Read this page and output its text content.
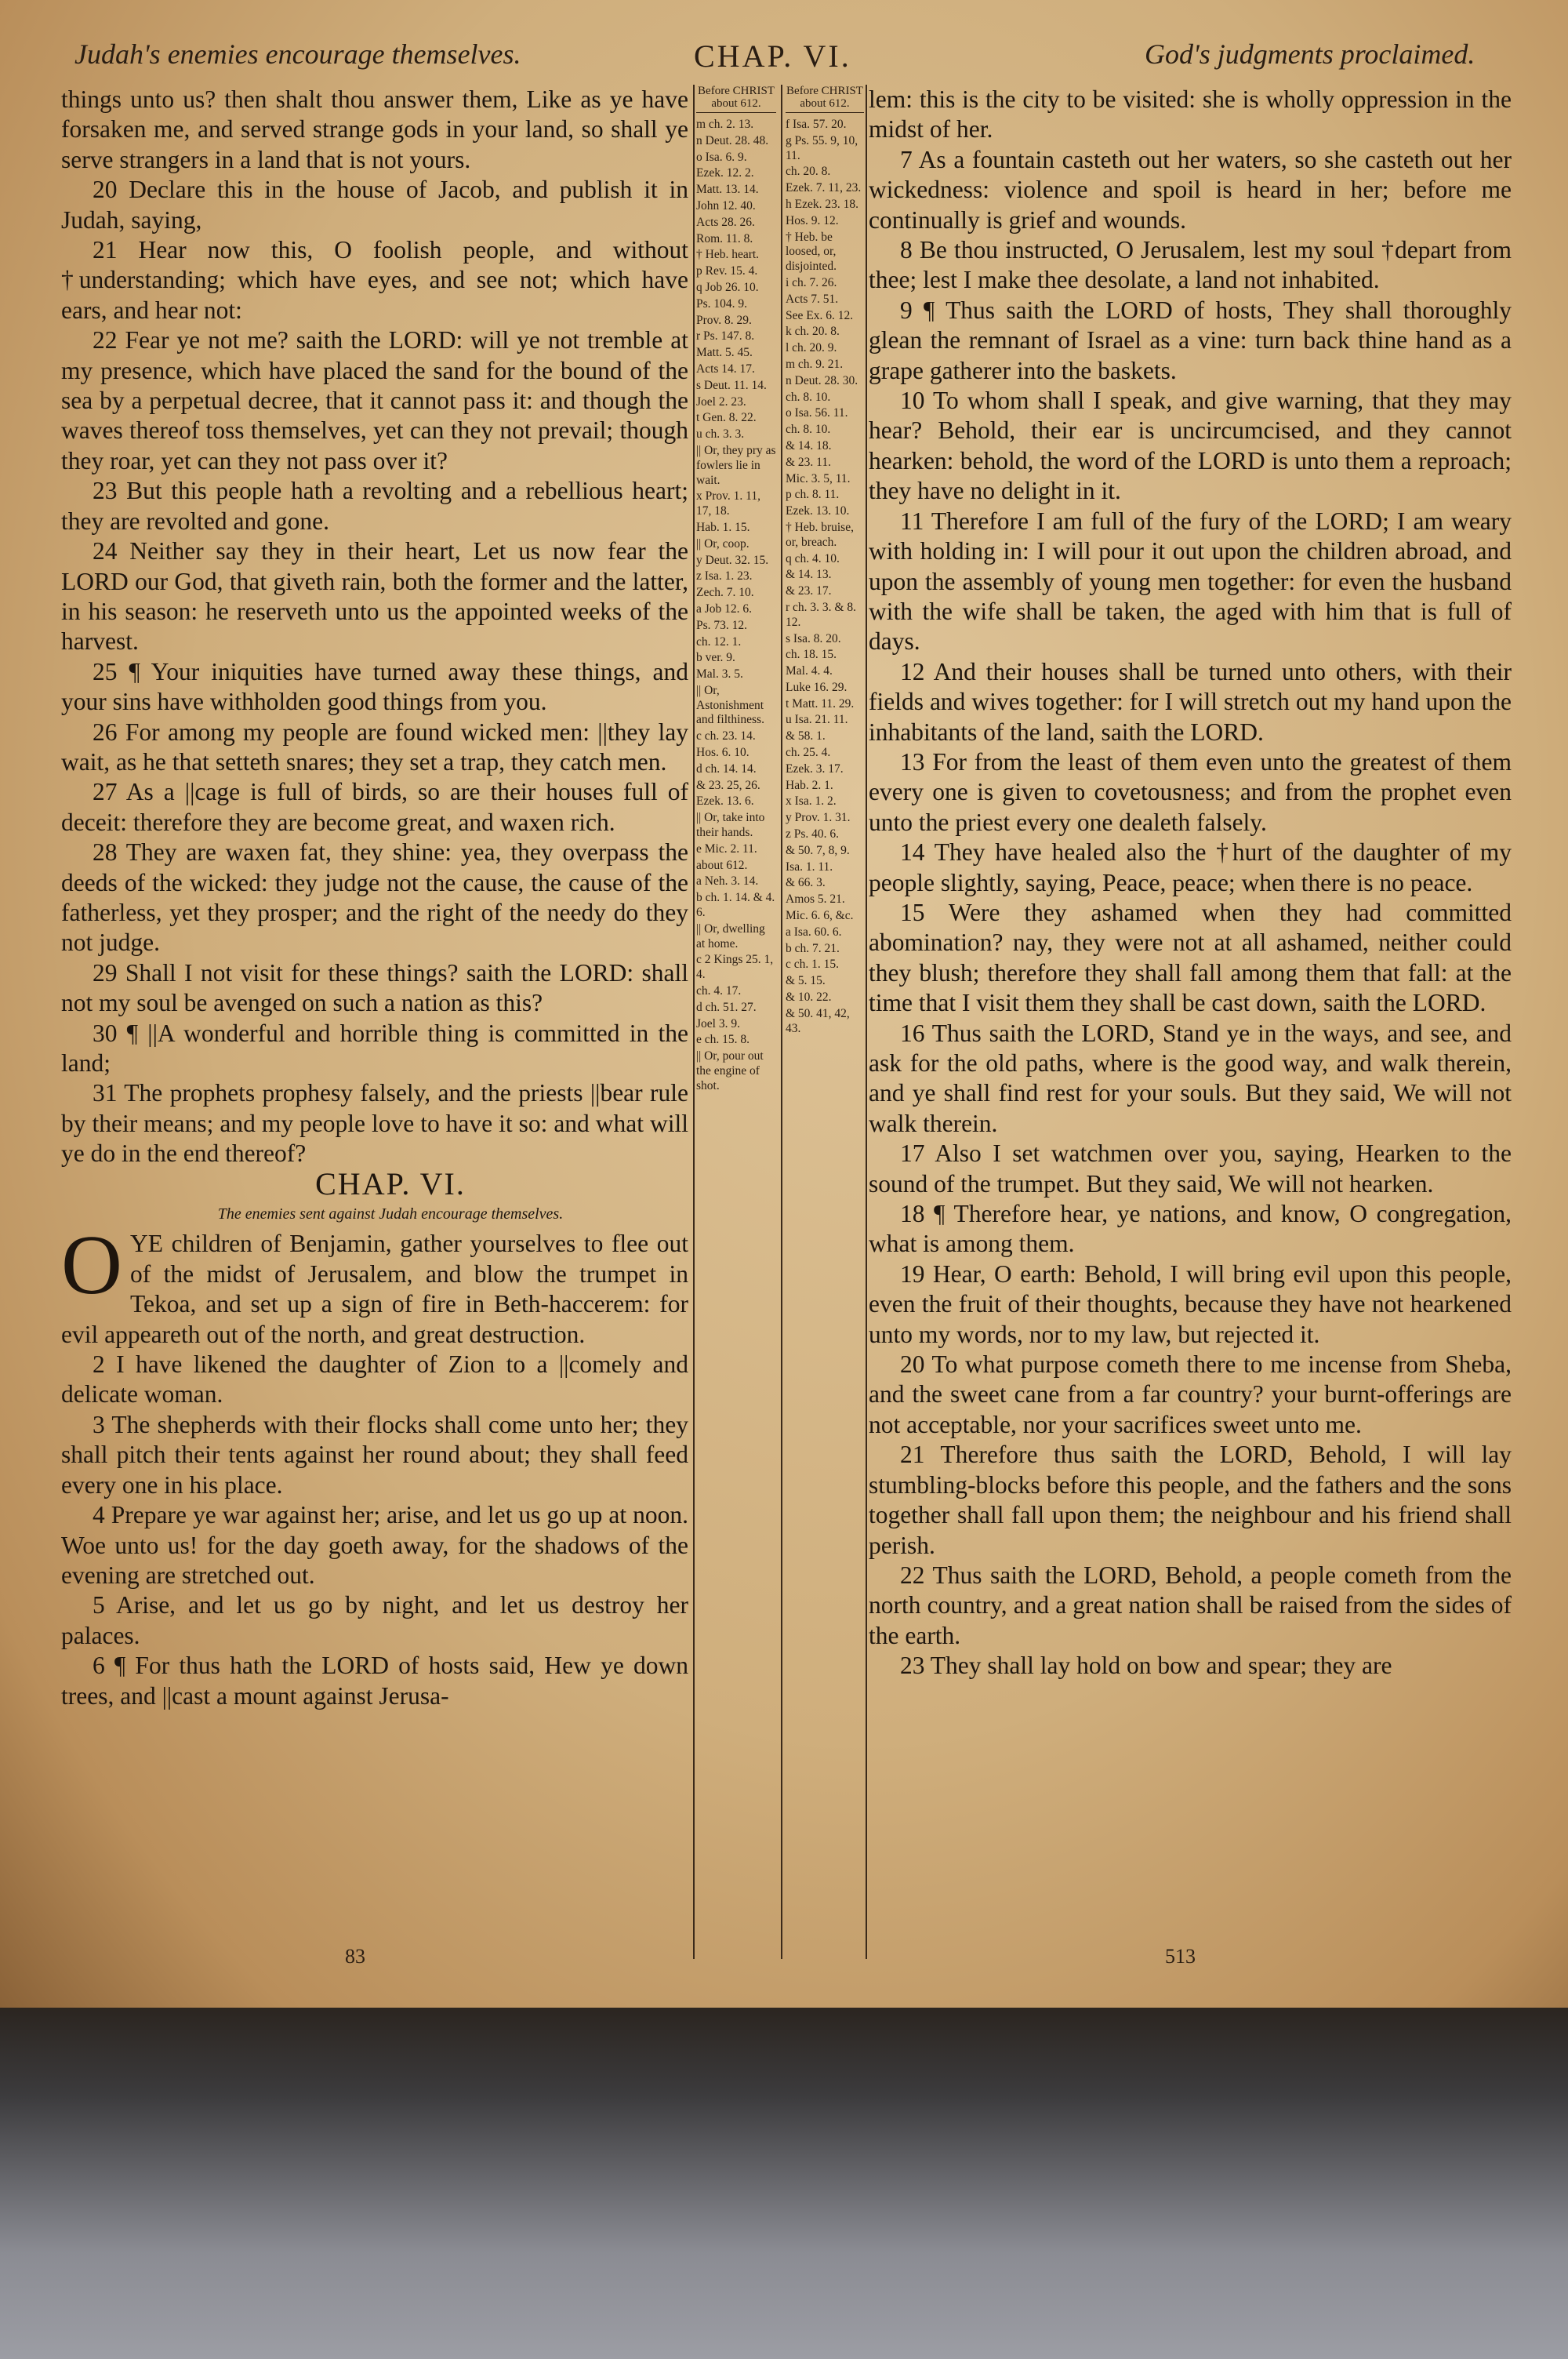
Judah's enemies encourage themselves.	CHAP. VI.	God's judgments proclaimed.

things unto us? then shalt thou answer them, Like as ye have forsaken me, and served strange gods in your land, so shall ye serve strangers in a land that is not yours.

20 Declare this in the house of Jacob, and publish it in Judah, saying,

21 Hear now this, O foolish people, and without †understanding; which have eyes, and see not; which have ears, and hear not:

22 Fear ye not me? saith the LORD: will ye not tremble at my presence, which have placed the sand for the bound of the sea by a perpetual decree, that it cannot pass it: and though the waves thereof toss themselves, yet can they not prevail; though they roar, yet can they not pass over it?

23 But this people hath a revolting and a rebellious heart; they are revolted and gone.

24 Neither say they in their heart, Let us now fear the LORD our God, that giveth rain, both the former and the latter, in his season: he reserveth unto us the appointed weeks of the harvest.

25 ¶ Your iniquities have turned away these things, and your sins have withholden good things from you.

26 For among my people are found wicked men: ||they lay wait, as he that setteth snares; they set a trap, they catch men.

27 As a ||cage is full of birds, so are their houses full of deceit: therefore they are become great, and waxen rich.

28 They are waxen fat, they shine: yea, they overpass the deeds of the wicked: they judge not the cause, the cause of the fatherless, yet they prosper; and the right of the needy do they not judge.

29 Shall I not visit for these things? saith the LORD: shall not my soul be avenged on such a nation as this?

30 ¶ ||A wonderful and horrible thing is committed in the land;

31 The prophets prophesy falsely, and the priests ||bear rule by their means; and my people love to have it so: and what will ye do in the end thereof?

CHAP. VI.

The enemies sent against Judah encourage themselves.

OYE children of Benjamin, gather yourselves to flee out of the midst of Jerusalem, and blow the trumpet in Tekoa, and set up a sign of fire in Beth-haccerem: for evil appeareth out of the north, and great destruction.

2 I have likened the daughter of Zion to a ||comely and delicate woman.

3 The shepherds with their flocks shall come unto her; they shall pitch their tents against her round about; they shall feed every one in his place.

4 Prepare ye war against her; arise, and let us go up at noon. Woe unto us! for the day goeth away, for the shadows of the evening are stretched out.

5 Arise, and let us go by night, and let us destroy her palaces.

6 ¶ For thus hath the LORD of hosts said, Hew ye down trees, and ||cast a mount against Jerusa-

Before CHRIST about 612.
m ch. 2. 13.
n Deut. 28. 48.
o Isa. 6. 9.
Ezek. 12. 2.
Matt. 13. 14.
John 12. 40.
Acts 28. 26.
Rom. 11. 8.
† Heb. heart.
p Rev. 15. 4.
q Job 26. 10.
Ps. 104. 9.
Prov. 8. 29.
r Ps. 147. 8.
Matt. 5. 45.
Acts 14. 17.
s Deut. 11. 14.
Joel 2. 23.
t Gen. 8. 22.
u ch. 3. 3.
|| Or, they pry as fowlers lie in wait.
x Prov. 1. 11, 17, 18.
Hab. 1. 15.
|| Or, coop.
y Deut. 32. 15.
z Isa. 1. 23.
Zech. 7. 10.
a Job 12. 6.
Ps. 73. 12.
ch. 12. 1.
b ver. 9.
Mal. 3. 5.
|| Or, Astonishment and filthiness.
c ch. 23. 14.
Hos. 6. 10.
d ch. 14. 14.
& 23. 25, 26.
Ezek. 13. 6.
|| Or, take into their hands.
e Mic. 2. 11.
about 612.
a Neh. 3. 14.
b ch. 1. 14. & 4. 6.
|| Or, dwelling at home.
c 2 Kings 25. 1, 4.
ch. 4. 17.
d ch. 51. 27.
Joel 3. 9.
e ch. 15. 8.
|| Or, pour out the engine of shot.
Before CHRIST about 612.
f Isa. 57. 20.
g Ps. 55. 9, 10, 11.
ch. 20. 8.
Ezek. 7. 11, 23.
h Ezek. 23. 18.
Hos. 9. 12.
† Heb. be loosed, or, disjointed.
i ch. 7. 26.
Acts 7. 51.
See Ex. 6. 12.
k ch. 20. 8.
l ch. 20. 9.
m ch. 9. 21.
n Deut. 28. 30.
ch. 8. 10.
o Isa. 56. 11.
ch. 8. 10.
& 14. 18.
& 23. 11.
Mic. 3. 5, 11.
p ch. 8. 11.
Ezek. 13. 10.
† Heb. bruise, or, breach.
q ch. 4. 10.
& 14. 13.
& 23. 17.
r ch. 3. 3. & 8. 12.
s Isa. 8. 20.
ch. 18. 15.
Mal. 4. 4.
Luke 16. 29.
t Matt. 11. 29.
u Isa. 21. 11.
& 58. 1.
ch. 25. 4.
Ezek. 3. 17.
Hab. 2. 1.
x Isa. 1. 2.
y Prov. 1. 31.
z Ps. 40. 6.
& 50. 7, 8, 9.
Isa. 1. 11.
& 66. 3.
Amos 5. 21.
Mic. 6. 6, &c.
a Isa. 60. 6.
b ch. 7. 21.
c ch. 1. 15.
& 5. 15.
& 10. 22.
& 50. 41, 42, 43.

lem: this is the city to be visited: she is wholly oppression in the midst of her.

7 As a fountain casteth out her waters, so she casteth out her wickedness: violence and spoil is heard in her; before me continually is grief and wounds.

8 Be thou instructed, O Jerusalem, lest my soul †depart from thee; lest I make thee desolate, a land not inhabited.

9 ¶ Thus saith the LORD of hosts, They shall thoroughly glean the remnant of Israel as a vine: turn back thine hand as a grape gatherer into the baskets.

10 To whom shall I speak, and give warning, that they may hear? Behold, their ear is uncircumcised, and they cannot hearken: behold, the word of the LORD is unto them a reproach; they have no delight in it.

11 Therefore I am full of the fury of the LORD; I am weary with holding in: I will pour it out upon the children abroad, and upon the assembly of young men together: for even the husband with the wife shall be taken, the aged with him that is full of days.

12 And their houses shall be turned unto others, with their fields and wives together: for I will stretch out my hand upon the inhabitants of the land, saith the LORD.

13 For from the least of them even unto the greatest of them every one is given to covetousness; and from the prophet even unto the priest every one dealeth falsely.

14 They have healed also the †hurt of the daughter of my people slightly, saying, Peace, peace; when there is no peace.

15 Were they ashamed when they had committed abomination? nay, they were not at all ashamed, neither could they blush; therefore they shall fall among them that fall: at the time that I visit them they shall be cast down, saith the LORD.

16 Thus saith the LORD, Stand ye in the ways, and see, and ask for the old paths, where is the good way, and walk therein, and ye shall find rest for your souls. But they said, We will not walk therein.

17 Also I set watchmen over you, saying, Hearken to the sound of the trumpet. But they said, We will not hearken.

18 ¶ Therefore hear, ye nations, and know, O congregation, what is among them.

19 Hear, O earth: Behold, I will bring evil upon this people, even the fruit of their thoughts, because they have not hearkened unto my words, nor to my law, but rejected it.

20 To what purpose cometh there to me incense from Sheba, and the sweet cane from a far country? your burnt-offerings are not acceptable, nor your sacrifices sweet unto me.

21 Therefore thus saith the LORD, Behold, I will lay stumbling-blocks before this people, and the fathers and the sons together shall fall upon them; the neighbour and his friend shall perish.

22 Thus saith the LORD, Behold, a people cometh from the north country, and a great nation shall be raised from the sides of the earth.

23 They shall lay hold on bow and spear; they are

83	513
